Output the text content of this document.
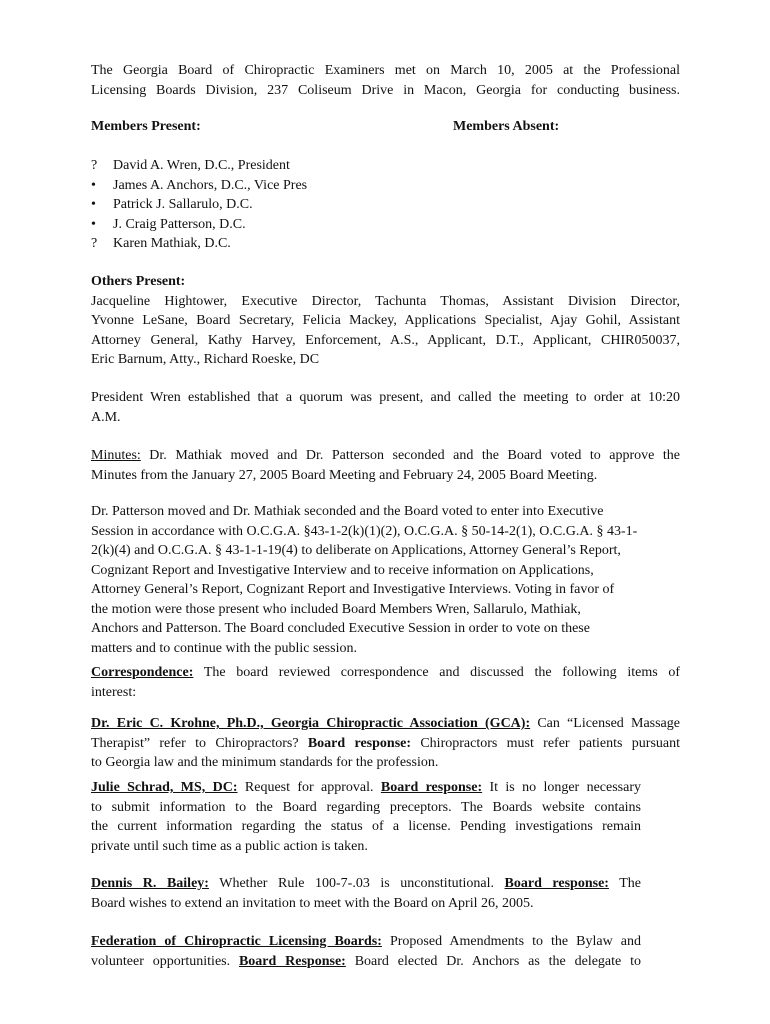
The Georgia Board of Chiropractic Examiners met on March 10, 2005 at the Professional
Licensing Boards Division, 237 Coliseum Drive in Macon, Georgia for conducting business.

Members Present:	Members Absent:
?	David A. Wren, D.C., President
•	James A. Anchors, D.C., Vice Pres
•	Patrick J. Sallarulo, D.C.
•	J. Craig Patterson, D.C.
?	Karen Mathiak, D.C.
Others Present:
Jacqueline Hightower, Executive Director, Tachunta Thomas, Assistant Division Director,
Yvonne LeSane, Board Secretary, Felicia Mackey, Applications Specialist, Ajay Gohil, Assistant
Attorney General, Kathy Harvey, Enforcement, A.S., Applicant, D.T., Applicant, CHIR050037,
Eric Barnum, Atty., Richard Roeske, DC
President Wren established that a quorum was present, and called the meeting to order at 10:20
A.M.
Minutes: Dr. Mathiak moved and Dr. Patterson seconded and the Board voted to approve the
Minutes from the January 27, 2005 Board Meeting and February 24, 2005 Board Meeting.
Dr. Patterson moved and Dr. Mathiak seconded and the Board voted to enter into Executive
Session in accordance with O.C.G.A. §43-1-2(k)(1)(2), O.C.G.A. § 50-14-2(1), O.C.G.A. § 43-1-
2(k)(4) and O.C.G.A. § 43-1-1-19(4) to deliberate on Applications, Attorney General’s Report,
Cognizant Report and Investigative Interview and to receive information on Applications,
Attorney General’s Report, Cognizant Report and Investigative Interviews. Voting in favor of
the motion were those present who included Board Members Wren, Sallarulo, Mathiak,
Anchors and Patterson. The Board concluded Executive Session in order to vote on these
matters and to continue with the public session.
Correspondence: The board reviewed correspondence and discussed the following items of
interest:
Dr. Eric C. Krohne, Ph.D., Georgia Chiropractic Association (GCA): Can “Licensed Massage
Therapist” refer to Chiropractors? Board response: Chiropractors must refer patients pursuant
to Georgia law and the minimum standards for the profession.
Julie Schrad, MS, DC: Request for approval. Board response: It is no longer necessary
to submit information to the Board regarding preceptors. The Boards website contains
the current information regarding the status of a license. Pending investigations remain
private until such time as a public action is taken.
Dennis R. Bailey: Whether Rule 100-7-.03 is unconstitutional. Board response: The
Board wishes to extend an invitation to meet with the Board on April 26, 2005.
Federation of Chiropractic Licensing Boards: Proposed Amendments to the Bylaw and
volunteer opportunities. Board Response: Board elected Dr. Anchors as the delegate to
